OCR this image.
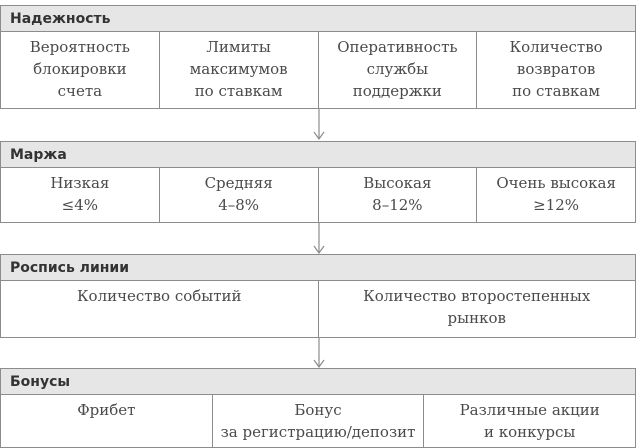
Надежность
Вероятность
блокировки
счета
Лимиты
максимумов
по ставкам
Оперативность
службы
поддержки
Количество
возвратов
по ставкам
Маржа
Низкая
≤4%
Средняя
4–8%
Высокая
8–12%
Очень высокая
≥12%
Роспись линии
Количество событий	Количество второстепенных
рынков
Бонусы
Фрибет	Бонус
за регистрацию/депозит
Различные акции
и конкурсы
